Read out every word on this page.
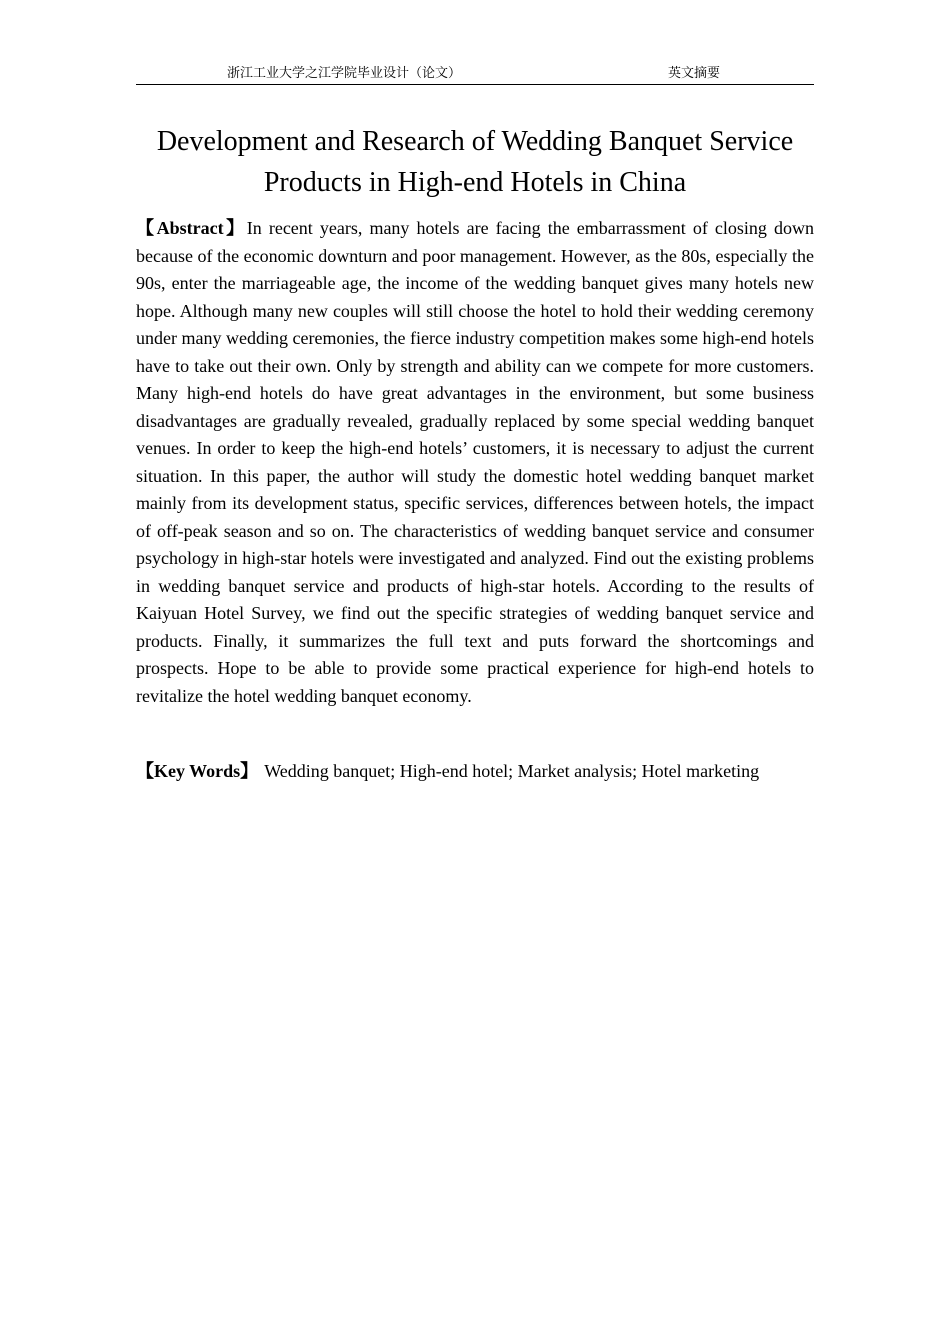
浙江工业大学之江学院毕业设计（论文）	英文摘要
Development and Research of Wedding Banquet Service Products in High-end Hotels in China

【Abstract】In recent years, many hotels are facing the embarrassment of closing down because of the economic downturn and poor management. However, as the 80s, especially the 90s, enter the marriageable age, the income of the wedding banquet gives many hotels new hope. Although many new couples will still choose the hotel to hold their wedding ceremony under many wedding ceremonies, the fierce industry competition makes some high-end hotels have to take out their own. Only by strength and ability can we compete for more customers. Many high-end hotels do have great advantages in the environment, but some business disadvantages are gradually revealed, gradually replaced by some special wedding banquet venues. In order to keep the high-end hotels’ customers, it is necessary to adjust the current situation. In this paper, the author will study the domestic hotel wedding banquet market mainly from its development status, specific services, differences between hotels, the impact of off-peak season and so on. The characteristics of wedding banquet service and consumer psychology in high-star hotels were investigated and analyzed. Find out the existing problems in wedding banquet service and products of high-star hotels. According to the results of Kaiyuan Hotel Survey, we find out the specific strategies of wedding banquet service and products. Finally, it summarizes the full text and puts forward the shortcomings and prospects. Hope to be able to provide some practical experience for high-end hotels to revitalize the hotel wedding banquet economy.

【Key Words】 Wedding banquet; High-end hotel; Market analysis; Hotel marketing
